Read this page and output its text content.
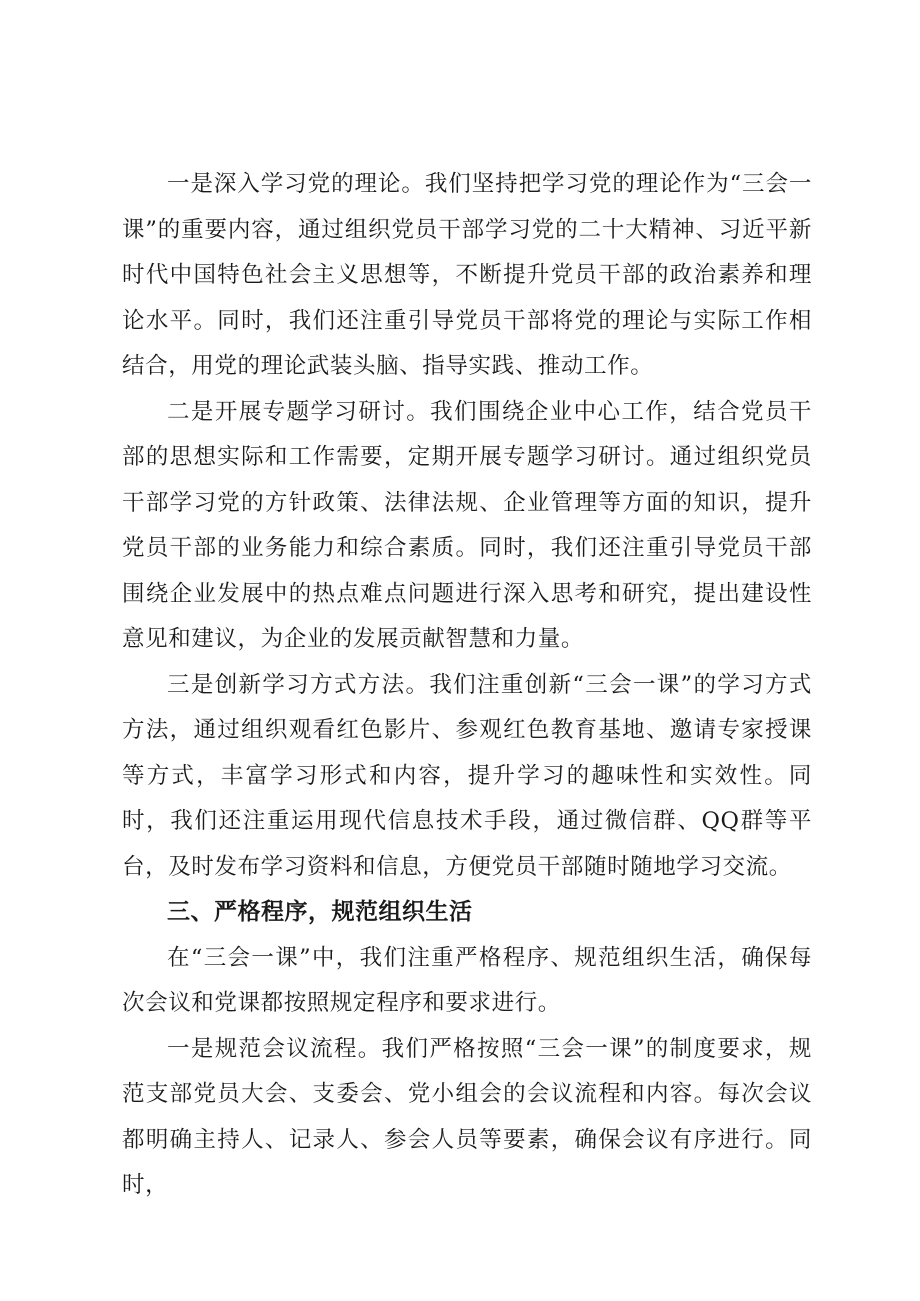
一是深入学习党的理论。我们坚持把学习党的理论作为“三会一课”的重要内容，通过组织党员干部学习党的二十大精神、习近平新时代中国特色社会主义思想等，不断提升党员干部的政治素养和理论水平。同时，我们还注重引导党员干部将党的理论与实际工作相结合，用党的理论武装头脑、指导实践、推动工作。

二是开展专题学习研讨。我们围绕企业中心工作，结合党员干部的思想实际和工作需要，定期开展专题学习研讨。通过组织党员干部学习党的方针政策、法律法规、企业管理等方面的知识，提升党员干部的业务能力和综合素质。同时，我们还注重引导党员干部围绕企业发展中的热点难点问题进行深入思考和研究，提出建设性意见和建议，为企业的发展贡献智慧和力量。

三是创新学习方式方法。我们注重创新“三会一课”的学习方式方法，通过组织观看红色影片、参观红色教育基地、邀请专家授课等方式，丰富学习形式和内容，提升学习的趣味性和实效性。同时，我们还注重运用现代信息技术手段，通过微信群、QQ群等平台，及时发布学习资料和信息，方便党员干部随时随地学习交流。

三、严格程序，规范组织生活

在“三会一课”中，我们注重严格程序、规范组织生活，确保每次会议和党课都按照规定程序和要求进行。

一是规范会议流程。我们严格按照“三会一课”的制度要求，规范支部党员大会、支委会、党小组会的会议流程和内容。每次会议都明确主持人、记录人、参会人员等要素，确保会议有序进行。同时，
